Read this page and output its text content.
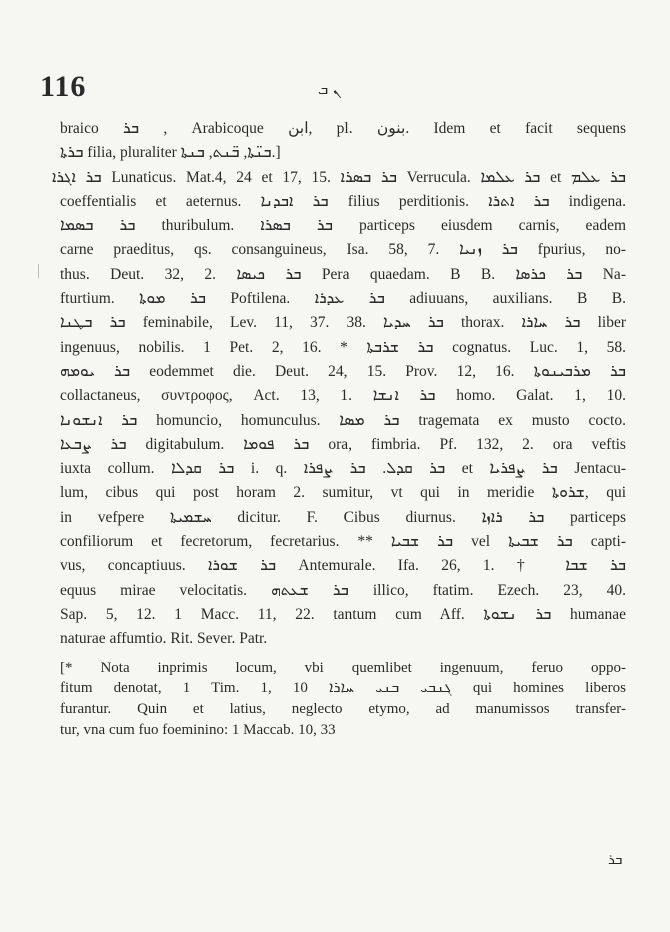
116	ܢ ܒ
braico ܒܪ , Arabicoque ابن, pl. بنون. Idem et facit sequens
ܒܪܬܐ filia, pluraliter ܒܢ̈ܬܐ, ܒ̈ܢܬ, ܒܢܬܐ.]
ܒܪ ܐܓܪܐ Lunaticus. Mat.4, 24 et 17, 15. ܒܪ ܒܣܪܐ Verrucula. ܒܪ ܥܠܡܐ et ܒܪ ܥܠܡ
coeffentialis et aeternus. ܒܪ ܐܒܕܢܐ filius perditionis. ܒܪ ܐܬܪܐ indigena.
ܒܪ ܒܣܡܐ thuribulum. ܒܪ ܒܣܪܐ particeps eiusdem carnis, eadem
carne praeditus, qs. consanguineus, Isa. 58, 7. ܒܪ ܙܢܝܐ fpurius, no-
thus. Deut. 32, 2. ܒܪ ܟܝܣܐ Pera quaedam. B B. ܒܪ ܟܪܣܐ Na-
fturtium. ܒܪ ܡܘܬܐ Poftilena. ܒܪ ܥܕܪܐ adiuuans, auxilians. B B.
ܒܪ ܒܛܢܐ feminabile, Lev. 11, 37. 38. ܒܪ ܚܕܝܐ thorax. ܒܪ ܚܐܪܐ liber
ingenuus, nobilis. 1 Pet. 2, 16. * ܒܪ ܫܪܒܬܐ cognatus. Luc. 1, 58.
ܒܪ ܝܘܡܗ eodemmet die. Deut. 24, 15. Prov. 12, 16. ܒܪ ܡܪܒܝܢܘܬܐ
collactaneus, συντροφος, Act. 13, 1. ܒܪ ܐܢܫܐ homo. Galat. 1, 10.
ܒܪ ܐܢܫܘܢܐ homuncio, homunculus. ܒܪ ܡܣܐ tragemata ex musto cocto.
ܒܪ ܨܒܥܐ digitabulum. ܒܪ ܦܘܡܐ ora, fimbria. Pf. 132, 2. ora veftis
iuxta collum. ܒܪ ܩܕܠܐ i. q. ܒܪ ܩܕܠ. ܒܪ ܨܦܪܐ et ܒܪ ܨܦܪܝܐ Jentacu-
lum, cibus qui post horam 2. sumitur, vt qui in meridie ܫܪܘܬܐ, qui
in vefpere ܚܫܡܝܬܐ dicitur. F. Cibus diurnus. ܒܪ ܪܐܙܐ particeps
confiliorum et fecretorum, fecretarius. ** ܒܪ ܫܒܝܐ vel ܒܪ ܫܒܝܬܐ capti-
vus, concaptiuus. ܒܪ ܫܘܪܐ Antemurale. Ifa. 26, 1. † ܒܪ ܫܒܐ
equus mirae velocitatis. ܒܪ ܫܥܬܗ illico, ftatim. Ezech. 23, 40.
Sap. 5, 12. 1 Macc. 11, 22. tantum cum Aff. ܒܪ ܢܫܘܬܐ humanae
naturae affumtio. Rit. Sever. Patr.
[* Nota inprimis locum, vbi quemlibet ingenuum, feruo oppo-
fitum denotat, 1 Tim. 1, 10 ܓܢܒܝ ܒܢܝ ܚܐܪܐ qui homines liberos
furantur. Quin et latius, neglecto etymo, ad manumissos transfer-
tur, vna cum fuo foeminino: 1 Maccab. 10, 33
ܒܪ
